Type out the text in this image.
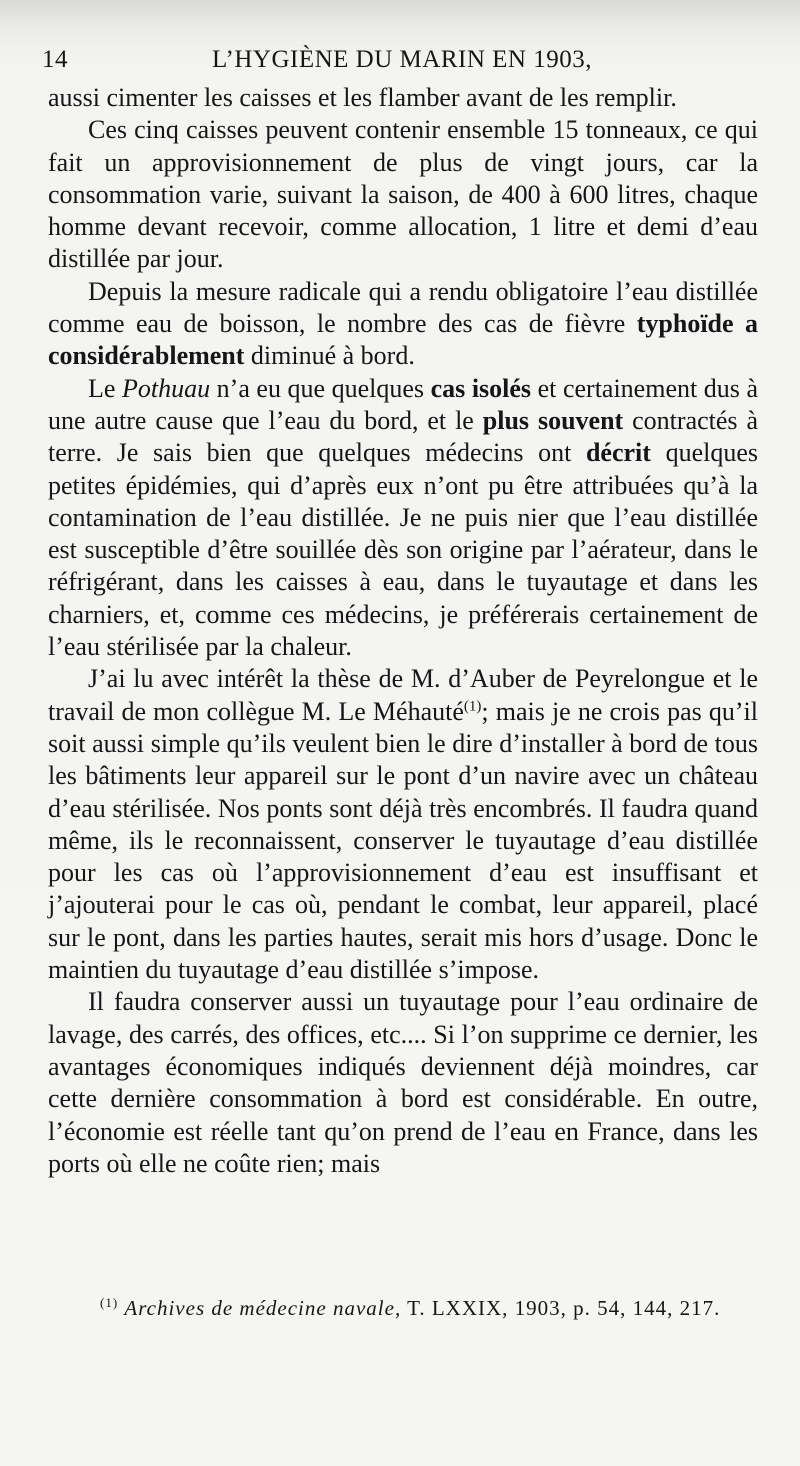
14	L’HYGIÈNE DU MARIN EN 1903,

aussi cimenter les caisses et les flamber avant de les remplir.

Ces cinq caisses peuvent contenir ensemble 15 tonneaux, ce qui fait un approvisionnement de plus de vingt jours, car la consommation varie, suivant la saison, de 400 à 600 litres, chaque homme devant recevoir, comme allocation, 1 litre et demi d’eau distillée par jour.

Depuis la mesure radicale qui a rendu obligatoire l’eau distillée comme eau de boisson, le nombre des cas de fièvre typhoïde a considérablement diminué à bord.

Le Pothuau n’a eu que quelques cas isolés et certainement dus à une autre cause que l’eau du bord, et le plus souvent contractés à terre. Je sais bien que quelques médecins ont décrit quelques petites épidémies, qui d’après eux n’ont pu être attribuées qu’à la contamination de l’eau distillée. Je ne puis nier que l’eau distillée est susceptible d’être souillée dès son origine par l’aérateur, dans le réfrigérant, dans les caisses à eau, dans le tuyautage et dans les charniers, et, comme ces médecins, je préférerais certainement de l’eau stérilisée par la chaleur.

J’ai lu avec intérêt la thèse de M. d’Auber de Peyrelongue et le travail de mon collègue M. Le Méhauté$^{(1)}$; mais je ne crois pas qu’il soit aussi simple qu’ils veulent bien le dire d’installer à bord de tous les bâtiments leur appareil sur le pont d’un navire avec un château d’eau stérilisée. Nos ponts sont déjà très encombrés. Il faudra quand même, ils le reconnaissent, conserver le tuyautage d’eau distillée pour les cas où l’approvisionnement d’eau est insuffisant et j’ajouterai pour le cas où, pendant le combat, leur appareil, placé sur le pont, dans les parties hautes, serait mis hors d’usage. Donc le maintien du tuyautage d’eau distillée s’impose.

Il faudra conserver aussi un tuyautage pour l’eau ordinaire de lavage, des carrés, des offices, etc.... Si l’on supprime ce dernier, les avantages économiques indiqués deviennent déjà moindres, car cette dernière consommation à bord est considérable. En outre, l’économie est réelle tant qu’on prend de l’eau en France, dans les ports où elle ne coûte rien; mais

$^{(1)}$ Archives de médecine navale, T. LXXIX, 1903, p. 54, 144, 217.
